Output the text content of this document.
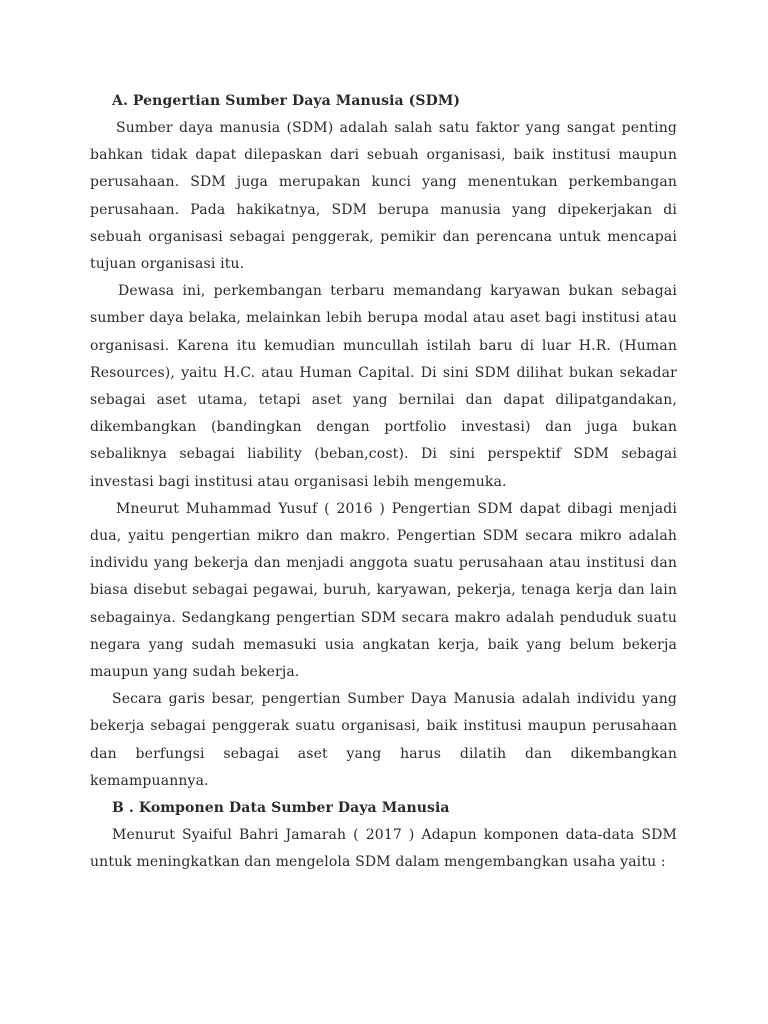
A. Pengertian Sumber Daya Manusia (SDM)

Sumber daya manusia (SDM) adalah salah satu faktor yang sangat penting bahkan tidak dapat dilepaskan dari sebuah organisasi, baik institusi maupun perusahaan. SDM juga merupakan kunci yang menentukan perkembangan perusahaan. Pada hakikatnya, SDM berupa manusia yang dipekerjakan di sebuah organisasi sebagai penggerak, pemikir dan perencana untuk mencapai tujuan organisasi itu.

Dewasa ini, perkembangan terbaru memandang karyawan bukan sebagai sumber daya belaka, melainkan lebih berupa modal atau aset bagi institusi atau organisasi. Karena itu kemudian muncullah istilah baru di luar H.R. (Human Resources), yaitu H.C. atau Human Capital. Di sini SDM dilihat bukan sekadar sebagai aset utama, tetapi aset yang bernilai dan dapat dilipatgandakan, dikembangkan (bandingkan dengan portfolio investasi) dan juga bukan sebaliknya sebagai liability (beban,cost). Di sini perspektif SDM sebagai investasi bagi institusi atau organisasi lebih mengemuka.

Mneurut Muhammad Yusuf ( 2016 ) Pengertian SDM dapat dibagi menjadi dua, yaitu pengertian mikro dan makro. Pengertian SDM secara mikro adalah individu yang bekerja dan menjadi anggota suatu perusahaan atau institusi dan biasa disebut sebagai pegawai, buruh, karyawan, pekerja, tenaga kerja dan lain sebagainya. Sedangkang pengertian SDM secara makro adalah penduduk suatu negara yang sudah memasuki usia angkatan kerja, baik yang belum bekerja maupun yang sudah bekerja.

Secara garis besar, pengertian Sumber Daya Manusia adalah individu yang bekerja sebagai penggerak suatu organisasi, baik institusi maupun perusahaan dan berfungsi sebagai aset yang harus dilatih dan dikembangkan kemampuannya.

B . Komponen Data Sumber Daya Manusia

Menurut Syaiful Bahri Jamarah ( 2017 ) Adapun komponen data-data SDM untuk meningkatkan dan mengelola SDM dalam mengembangkan usaha yaitu :
